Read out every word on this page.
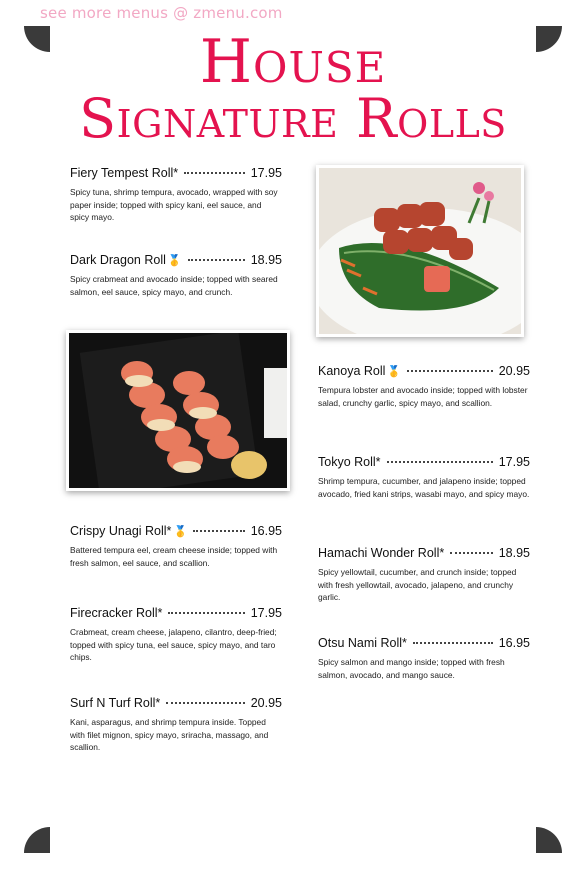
see more menus @ zmenu.com
House
Signature Rolls
Fiery Tempest Roll*	17.95
Spicy tuna, shrimp tempura, avocado, wrapped with soy paper inside; topped with spicy kani, eel sauce, and spicy mayo.
Dark Dragon Roll 🥇	18.95
Spicy crabmeat and avocado inside; topped with seared salmon, eel sauce, spicy mayo, and crunch.
Crispy Unagi Roll* 🥇	16.95
Battered tempura eel, cream cheese inside; topped with fresh salmon, eel sauce, and scallion.
Firecracker Roll*	17.95
Crabmeat, cream cheese, jalapeno, cilantro, deep-fried; topped with spicy tuna, eel sauce, spicy mayo, and taro chips.
Surf N Turf Roll*	20.95
Kani, asparagus, and shrimp tempura inside. Topped with filet mignon, spicy mayo, sriracha, massago, and scallion.
Kanoya Roll 🥇	20.95
Tempura lobster and avocado inside; topped with lobster salad, crunchy garlic, spicy mayo, and scallion.
Tokyo Roll*	17.95
Shrimp tempura, cucumber, and jalapeno inside; topped avocado, fried kani strips, wasabi mayo, and spicy mayo.
Hamachi Wonder Roll*	18.95
Spicy yellowtail, cucumber, and crunch inside; topped with fresh yellowtail, avocado, jalapeno, and crunchy garlic.
Otsu Nami Roll*	16.95
Spicy salmon and mango inside; topped with fresh salmon, avocado, and mango sauce.
